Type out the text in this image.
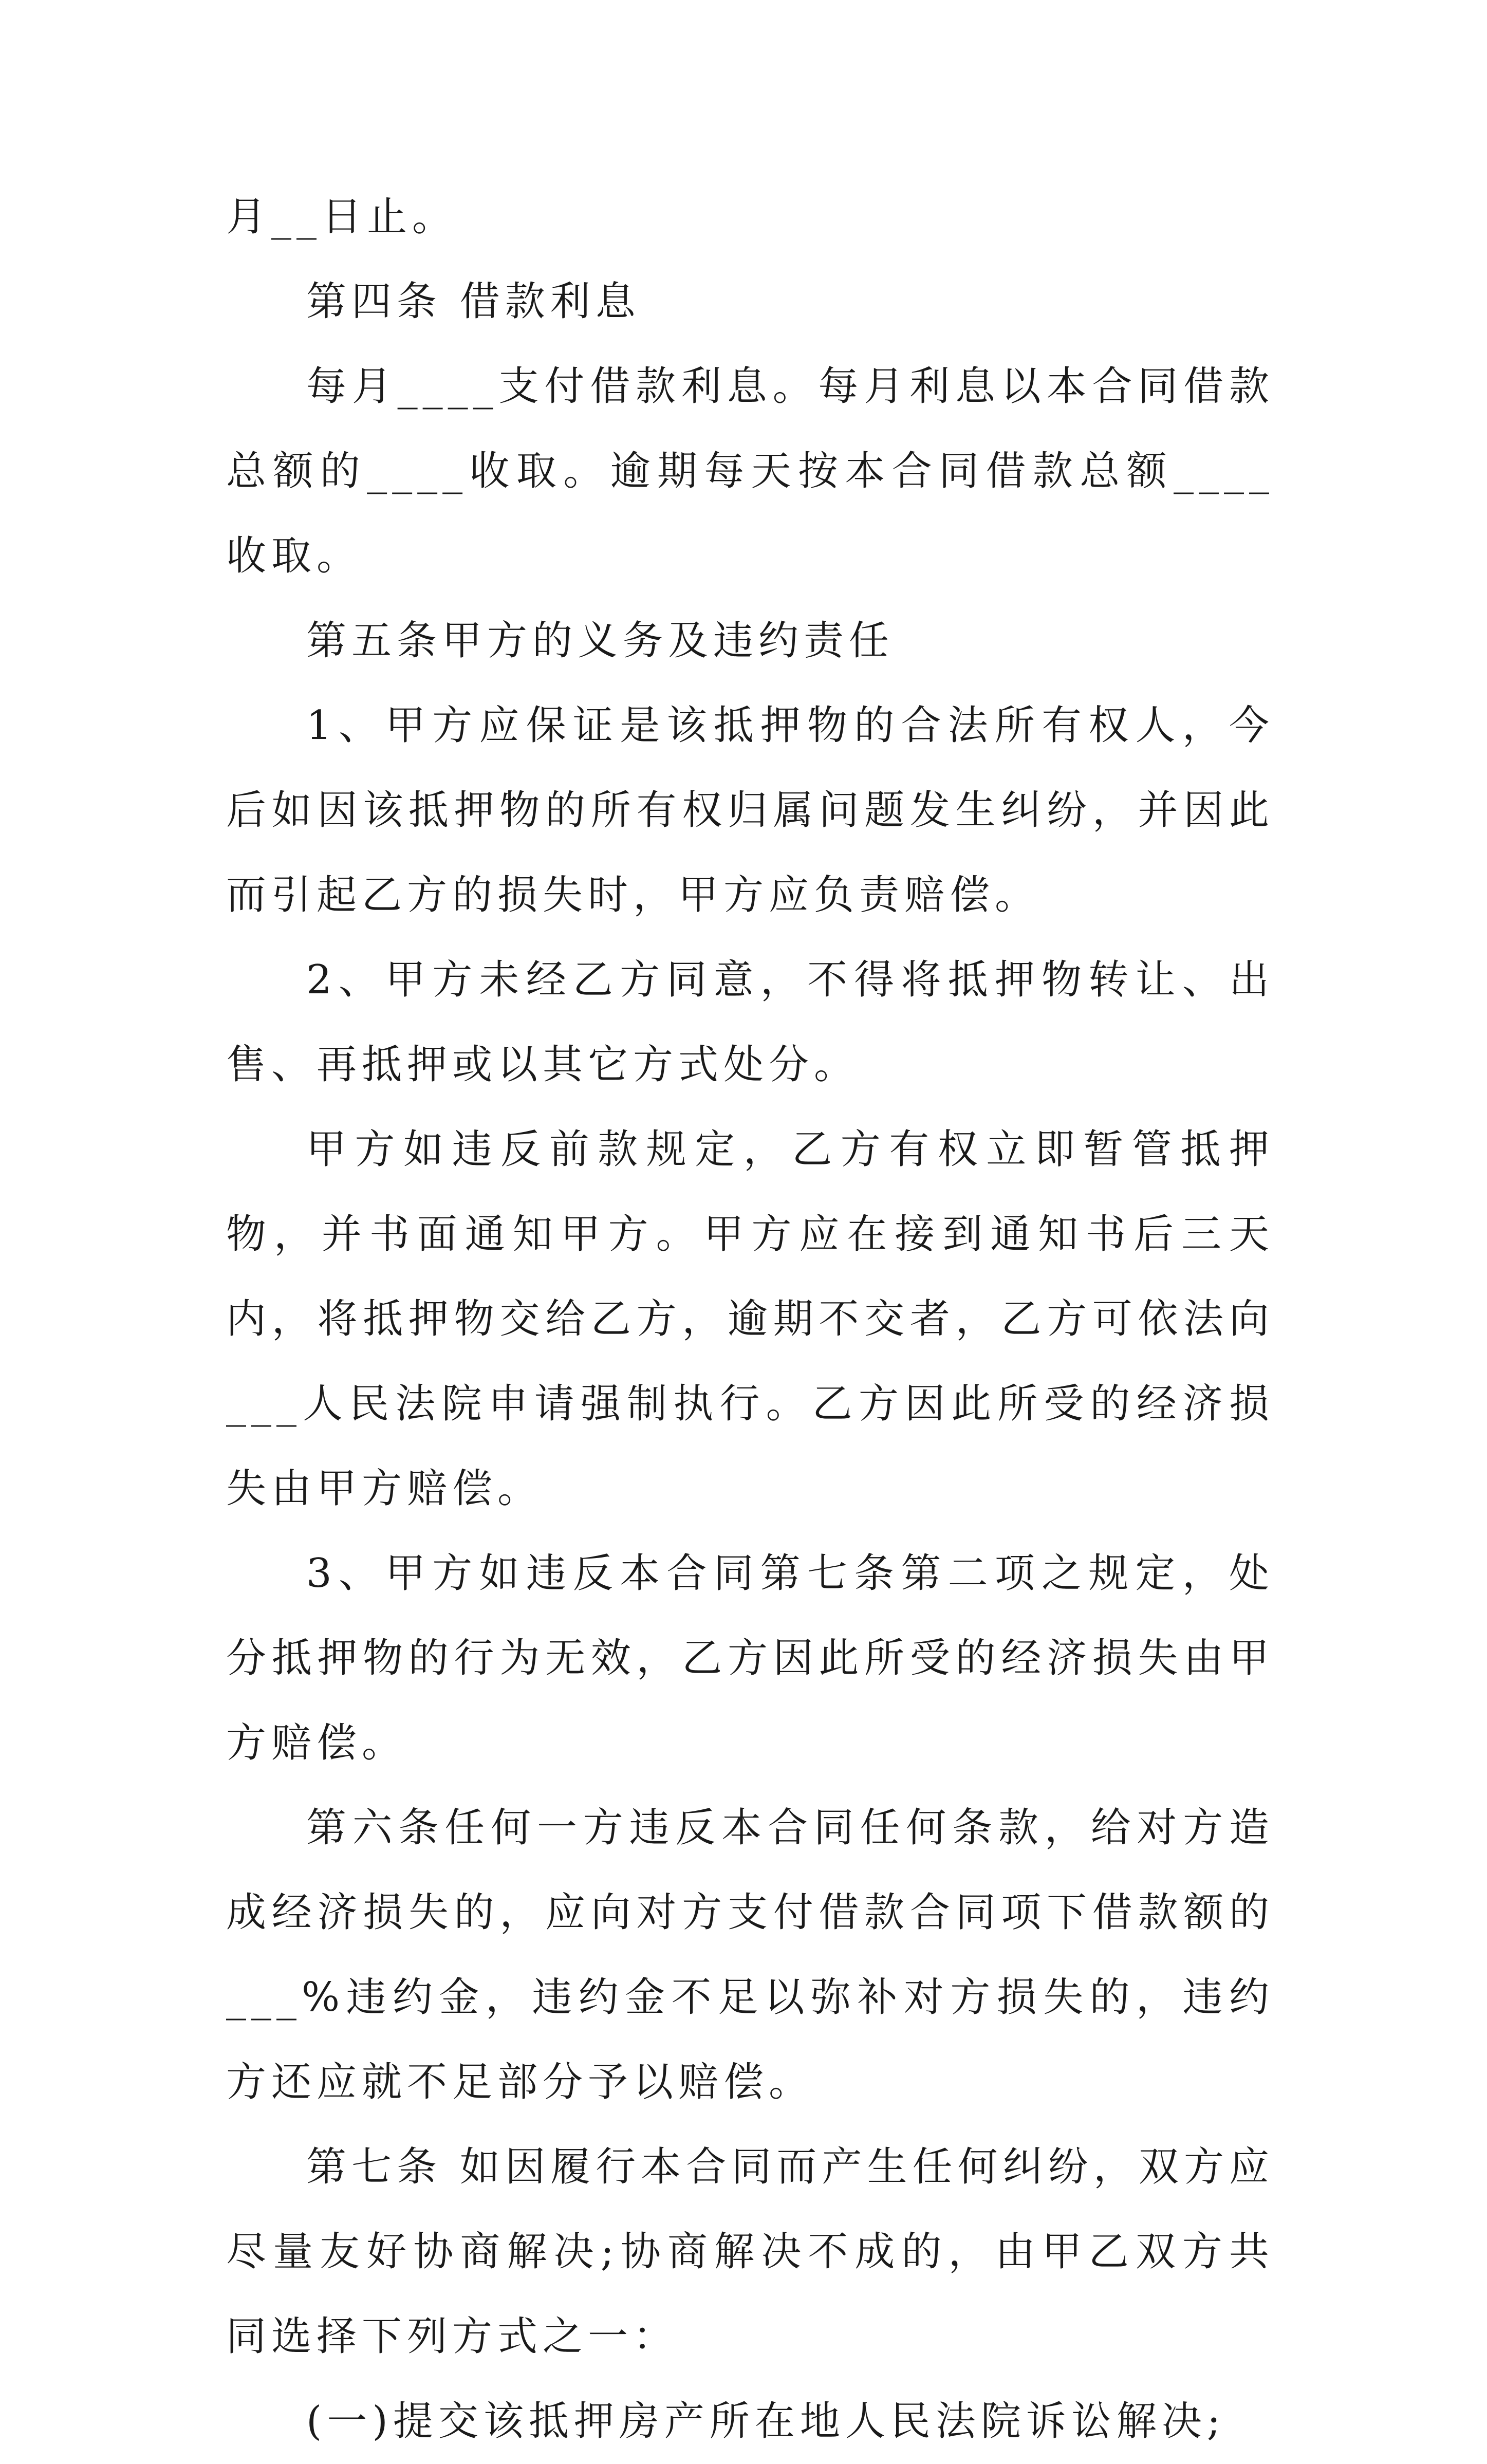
月__日止。

第四条 借款利息

每月____支付借款利息。每月利息以本合同借款总额的____收取。逾期每天按本合同借款总额____收取。

第五条甲方的义务及违约责任

1、甲方应保证是该抵押物的合法所有权人，今后如因该抵押物的所有权归属问题发生纠纷，并因此而引起乙方的损失时，甲方应负责赔偿。

2、甲方未经乙方同意，不得将抵押物转让、出售、再抵押或以其它方式处分。

甲方如违反前款规定，乙方有权立即暂管抵押物，并书面通知甲方。甲方应在接到通知书后三天内，将抵押物交给乙方，逾期不交者，乙方可依法向___人民法院申请强制执行。乙方因此所受的经济损失由甲方赔偿。

3、甲方如违反本合同第七条第二项之规定，处分抵押物的行为无效，乙方因此所受的经济损失由甲方赔偿。

第六条任何一方违反本合同任何条款，给对方造成经济损失的，应向对方支付借款合同项下借款额的___%违约金，违约金不足以弥补对方损失的，违约方还应就不足部分予以赔偿。

第七条 如因履行本合同而产生任何纠纷，双方应尽量友好协商解决;协商解决不成的，由甲乙双方共同选择下列方式之一：

(一)提交该抵押房产所在地人民法院诉讼解决;
